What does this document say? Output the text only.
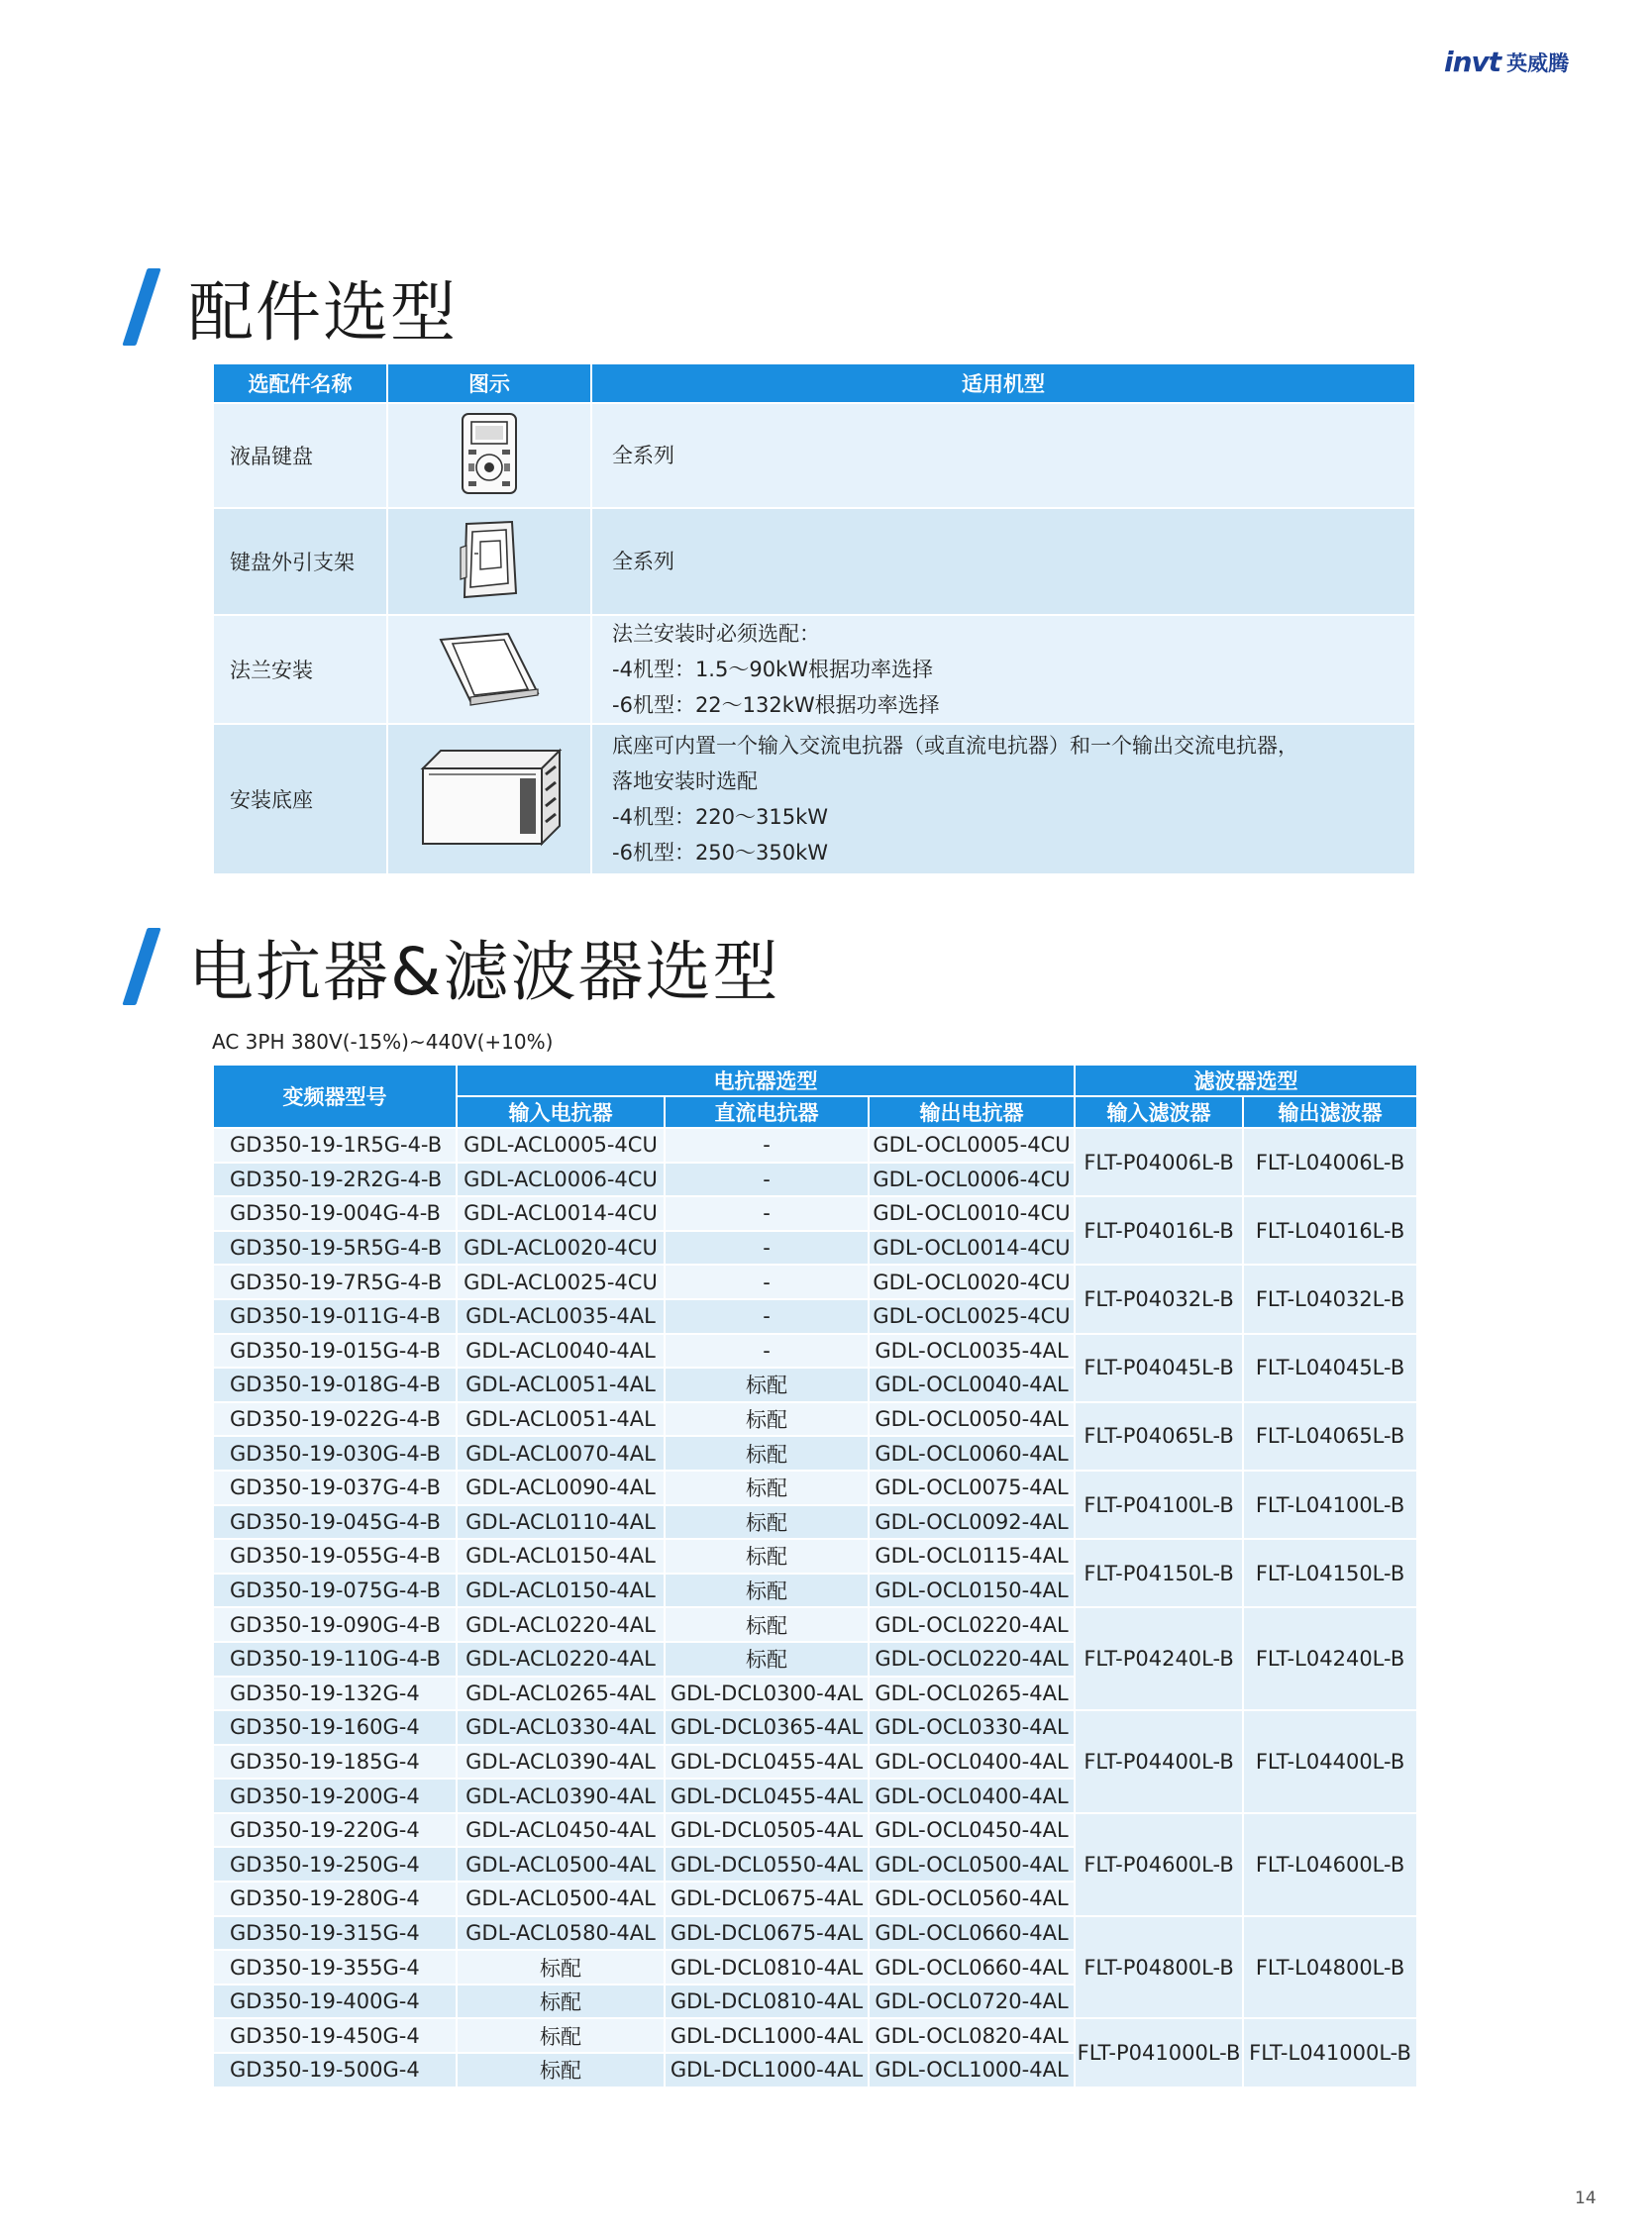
invt 英威腾
配件选型
选配件名称	图示	适用机型
液晶键盘		全系列

键盘外引支架		全系列

法兰安装		法兰安装时必须选配：
-4机型：1.5～90kW根据功率选择
-6机型：22～132kW根据功率选择

安装底座		底座可内置一个输入交流电抗器（或直流电抗器）和一个输出交流电抗器，
落地安装时选配
-4机型：220～315kW
-6机型：250～350kW
电抗器&滤波器选型
AC 3PH 380V(-15%)~440V(+10%)
变频器型号	电抗器选型			滤波器选型	
	输入电抗器	直流电抗器	输出电抗器	输入滤波器	输出滤波器
GD350-19-1R5G-4-B	GDL-ACL0005-4CU	-	GDL-OCL0005-4CU	FLT-P04006L-B	FLT-L04006L-B
GD350-19-2R2G-4-B	GDL-ACL0006-4CU	-	GDL-OCL0006-4CU		
GD350-19-004G-4-B	GDL-ACL0014-4CU	-	GDL-OCL0010-4CU	FLT-P04016L-B	FLT-L04016L-B
GD350-19-5R5G-4-B	GDL-ACL0020-4CU	-	GDL-OCL0014-4CU		
GD350-19-7R5G-4-B	GDL-ACL0025-4CU	-	GDL-OCL0020-4CU	FLT-P04032L-B	FLT-L04032L-B
GD350-19-011G-4-B	GDL-ACL0035-4AL	-	GDL-OCL0025-4CU		
GD350-19-015G-4-B	GDL-ACL0040-4AL	-	GDL-OCL0035-4AL	FLT-P04045L-B	FLT-L04045L-B
GD350-19-018G-4-B	GDL-ACL0051-4AL	标配	GDL-OCL0040-4AL		
GD350-19-022G-4-B	GDL-ACL0051-4AL	标配	GDL-OCL0050-4AL	FLT-P04065L-B	FLT-L04065L-B
GD350-19-030G-4-B	GDL-ACL0070-4AL	标配	GDL-OCL0060-4AL		
GD350-19-037G-4-B	GDL-ACL0090-4AL	标配	GDL-OCL0075-4AL	FLT-P04100L-B	FLT-L04100L-B
GD350-19-045G-4-B	GDL-ACL0110-4AL	标配	GDL-OCL0092-4AL		
GD350-19-055G-4-B	GDL-ACL0150-4AL	标配	GDL-OCL0115-4AL	FLT-P04150L-B	FLT-L04150L-B
GD350-19-075G-4-B	GDL-ACL0150-4AL	标配	GDL-OCL0150-4AL		
GD350-19-090G-4-B	GDL-ACL0220-4AL	标配	GDL-OCL0220-4AL	FLT-P04240L-B	FLT-L04240L-B
GD350-19-110G-4-B	GDL-ACL0220-4AL	标配	GDL-OCL0220-4AL		
GD350-19-132G-4	GDL-ACL0265-4AL	GDL-DCL0300-4AL	GDL-OCL0265-4AL		
GD350-19-160G-4	GDL-ACL0330-4AL	GDL-DCL0365-4AL	GDL-OCL0330-4AL	FLT-P04400L-B	FLT-L04400L-B
GD350-19-185G-4	GDL-ACL0390-4AL	GDL-DCL0455-4AL	GDL-OCL0400-4AL		
GD350-19-200G-4	GDL-ACL0390-4AL	GDL-DCL0455-4AL	GDL-OCL0400-4AL		
GD350-19-220G-4	GDL-ACL0450-4AL	GDL-DCL0505-4AL	GDL-OCL0450-4AL	FLT-P04600L-B	FLT-L04600L-B
GD350-19-250G-4	GDL-ACL0500-4AL	GDL-DCL0550-4AL	GDL-OCL0500-4AL		
GD350-19-280G-4	GDL-ACL0500-4AL	GDL-DCL0675-4AL	GDL-OCL0560-4AL		
GD350-19-315G-4	GDL-ACL0580-4AL	GDL-DCL0675-4AL	GDL-OCL0660-4AL	FLT-P04800L-B	FLT-L04800L-B
GD350-19-355G-4	标配	GDL-DCL0810-4AL	GDL-OCL0660-4AL		
GD350-19-400G-4	标配	GDL-DCL0810-4AL	GDL-OCL0720-4AL		
GD350-19-450G-4	标配	GDL-DCL1000-4AL	GDL-OCL0820-4AL	FLT-P041000L-B	FLT-L041000L-B
GD350-19-500G-4	标配	GDL-DCL1000-4AL	GDL-OCL1000-4AL		
14
